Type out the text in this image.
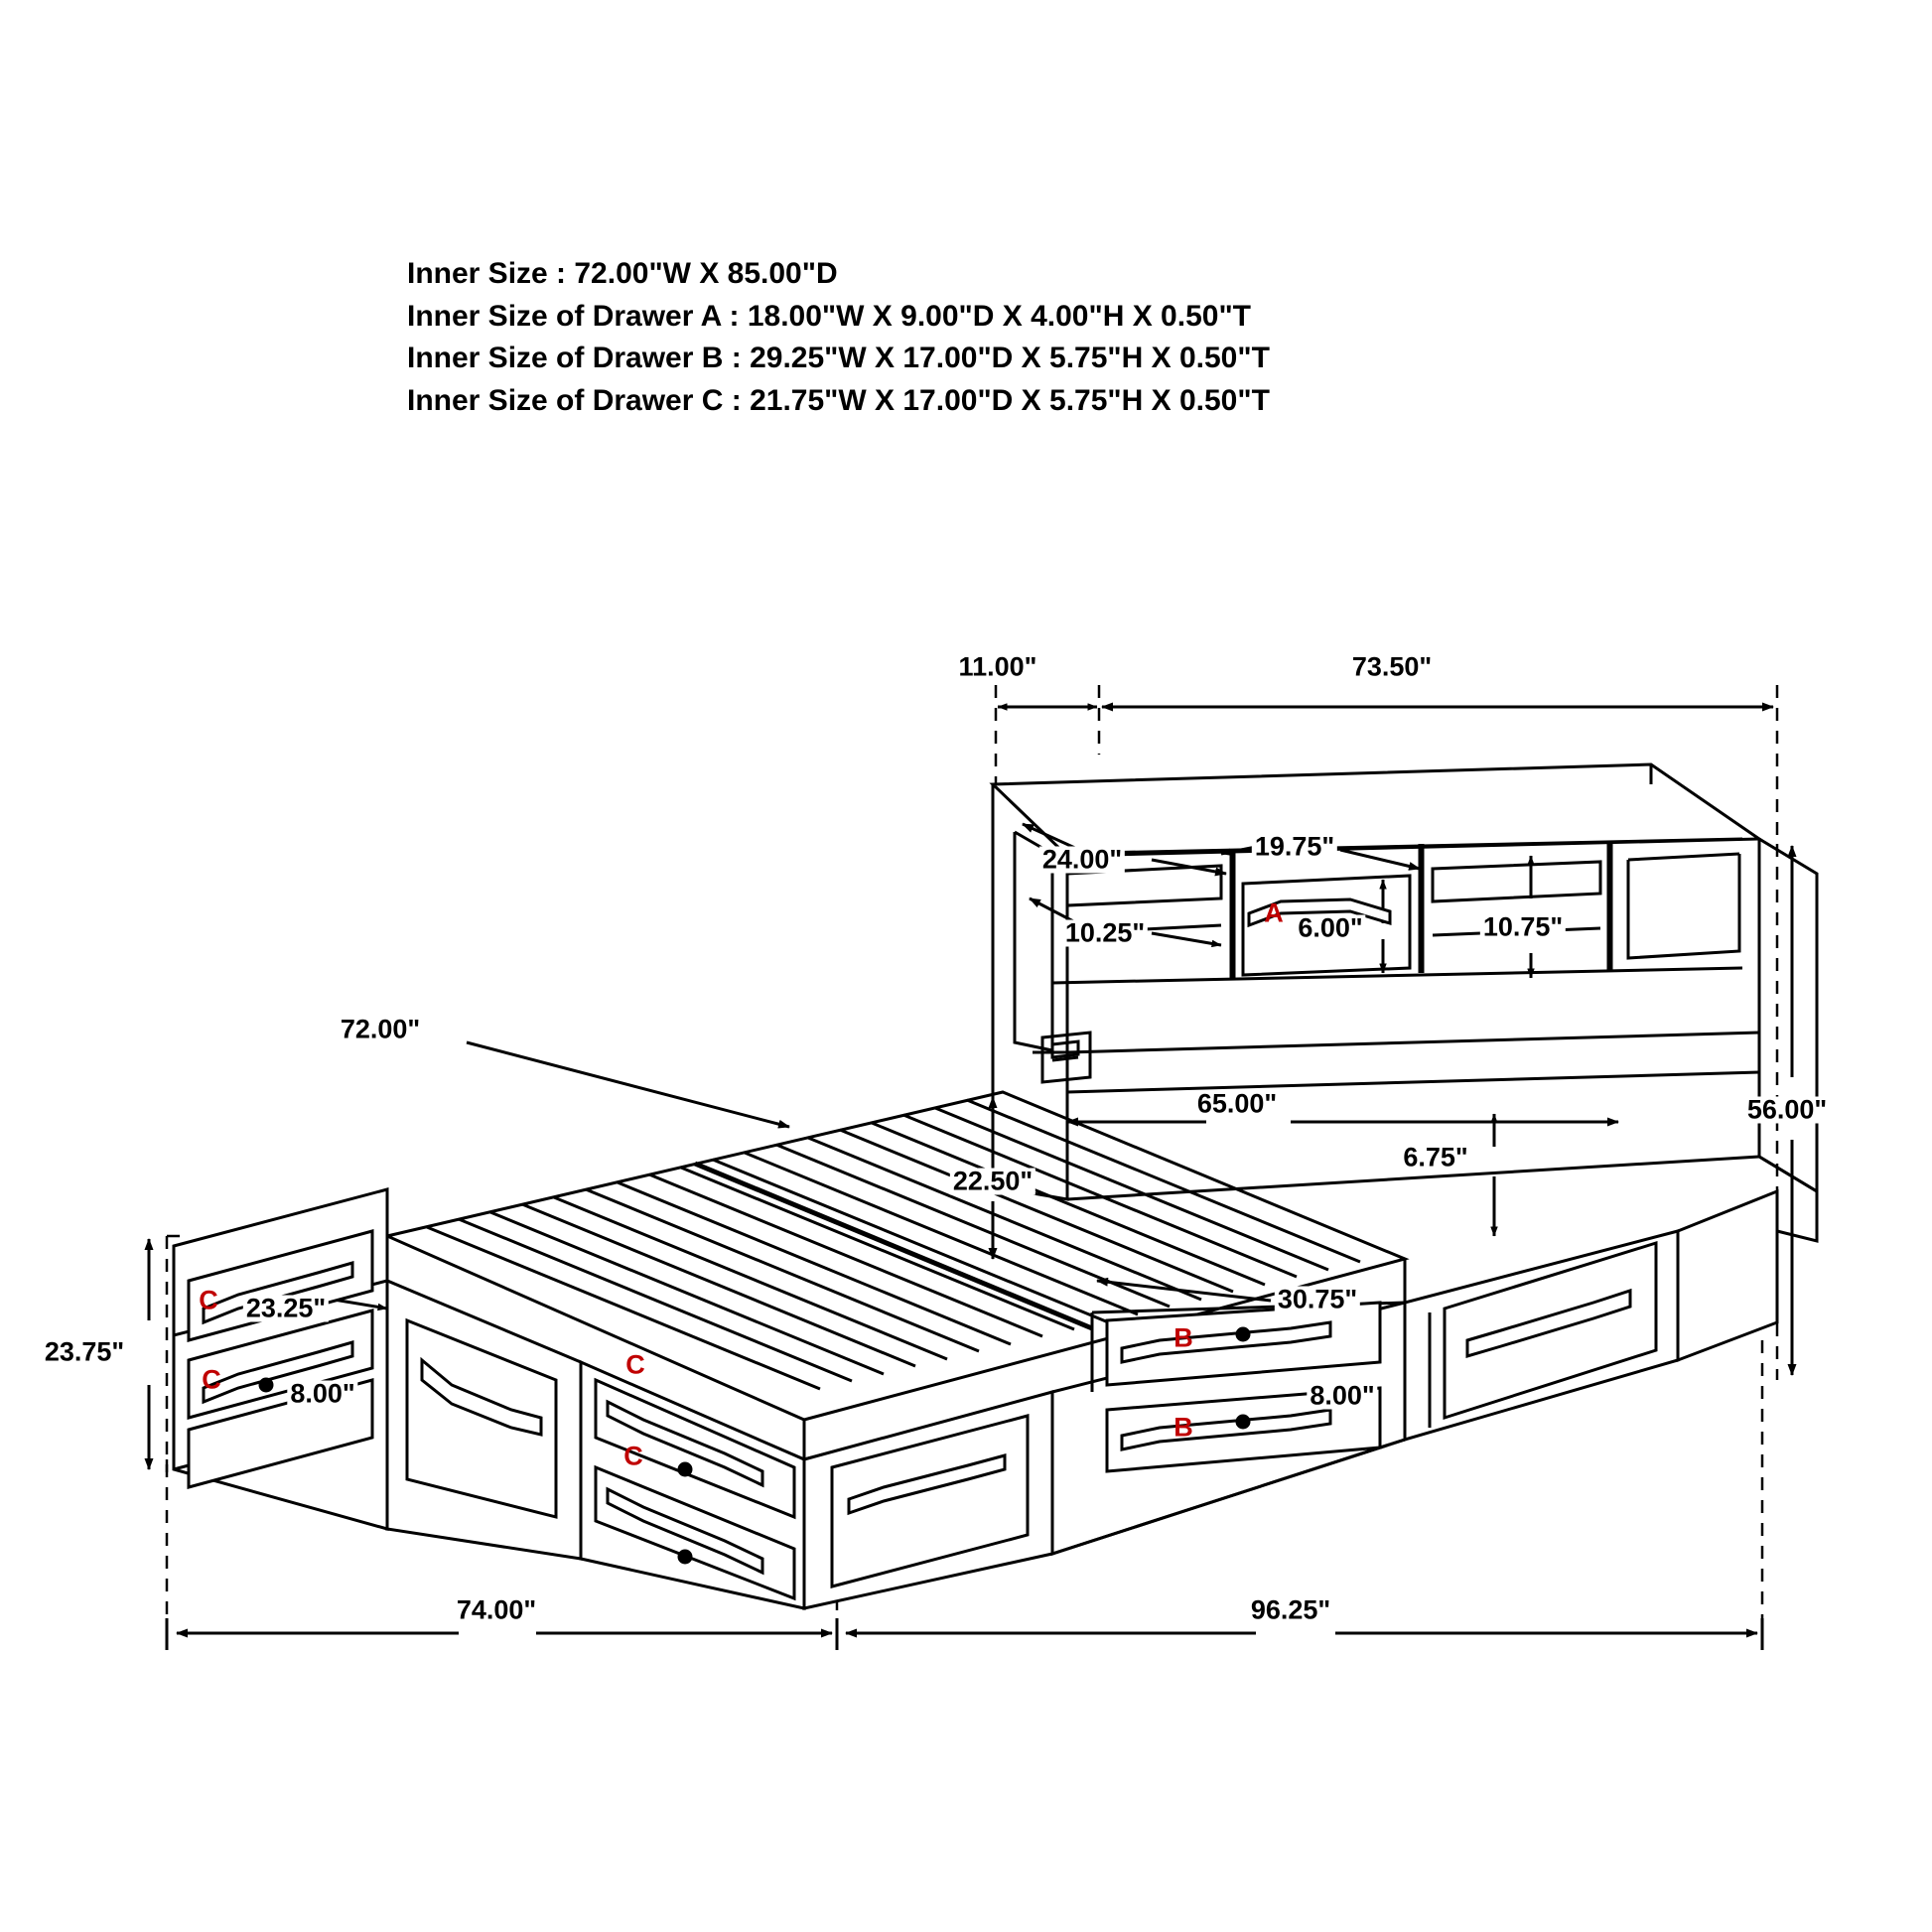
Inner Size : 72.00"W X 85.00"D
Inner Size of Drawer A : 18.00"W X 9.00"D X 4.00"H X 0.50"T
Inner Size of Drawer B : 29.25"W X 17.00"D X 5.75"H X 0.50"T
Inner Size of Drawer C : 21.75"W X 17.00"D X 5.75"H X 0.50"T
11.00"	73.50"
24.00"	19.75"
10.25"	6.00"	10.75"
72.00"
56.00"
65.00"
6.75"
22.50"
30.75"
23.25"
23.75"
8.00"	8.00"
74.00"	96.25"
A
C
C	C
C
B
B
